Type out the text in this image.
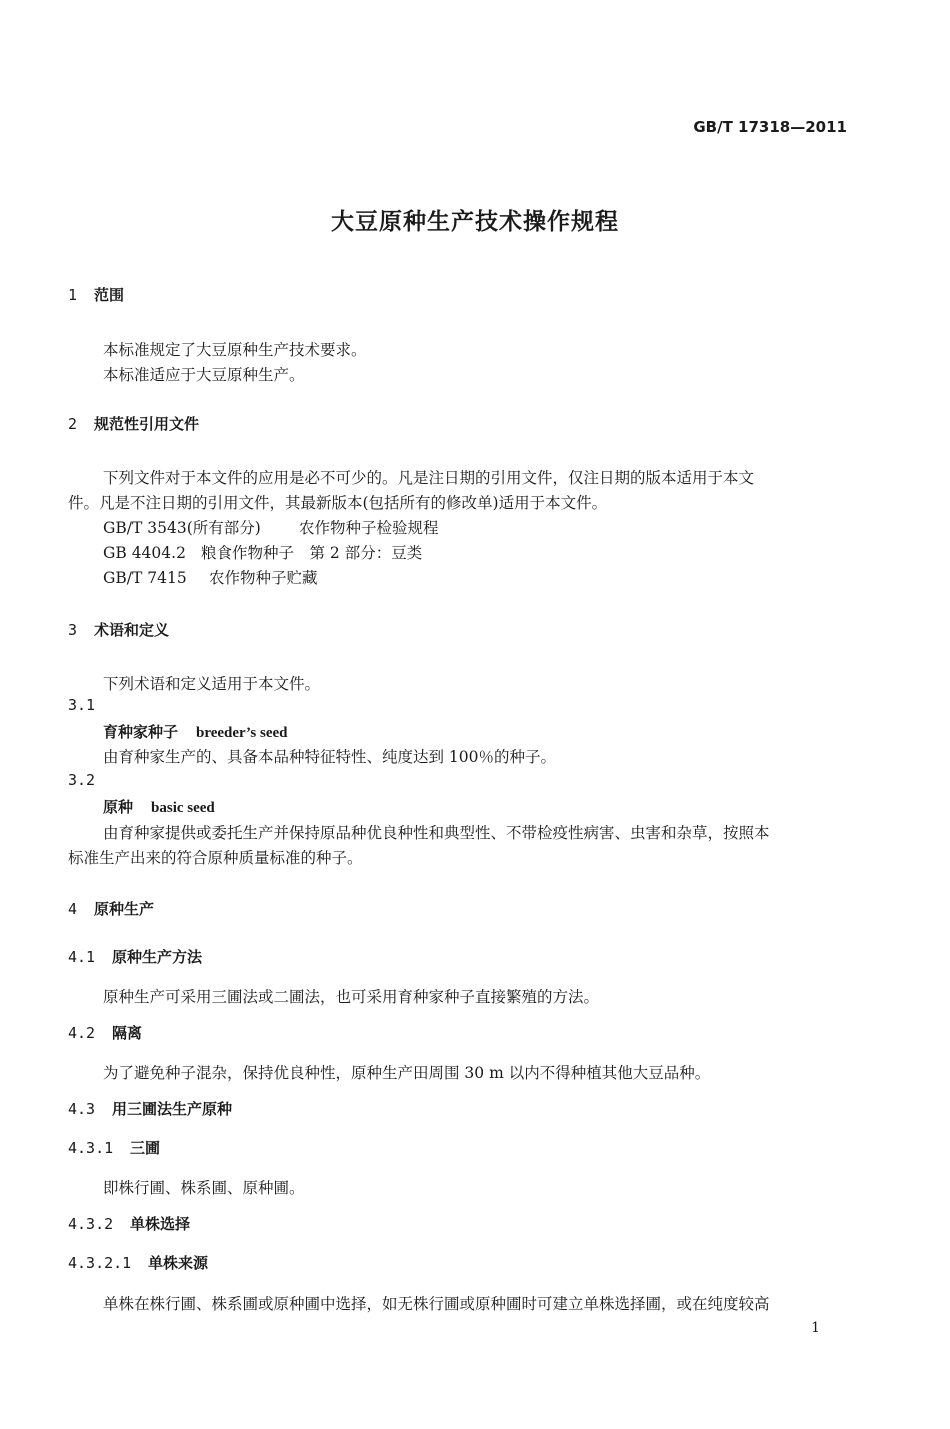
GB/T 17318—2011
大豆原种生产技术操作规程
1 范围
本标准规定了大豆原种生产技术要求。
本标准适应于大豆原种生产。
2 规范性引用文件
下列文件对于本文件的应用是必不可少的。凡是注日期的引用文件，仅注日期的版本适用于本文
件。凡是不注日期的引用文件，其最新版本(包括所有的修改单)适用于本文件。
GB/T 3543(所有部分) 农作物种子检验规程
GB 4404.2 粮食作物种子　第 2 部分：豆类
GB/T 7415 农作物种子贮藏
3 术语和定义
下列术语和定义适用于本文件。
3.1
育种家种子 breeder’s seed
由育种家生产的、具备本品种特征特性、纯度达到 100％的种子。
3.2
原种 basic seed
由育种家提供或委托生产并保持原品种优良种性和典型性、不带检疫性病害、虫害和杂草，按照本
标准生产出来的符合原种质量标准的种子。
4 原种生产
4.1 原种生产方法
原种生产可采用三圃法或二圃法，也可采用育种家种子直接繁殖的方法。
4.2 隔离
为了避免种子混杂，保持优良种性，原种生产田周围 30 m 以内不得种植其他大豆品种。
4.3 用三圃法生产原种
4.3.1 三圃
即株行圃、株系圃、原种圃。
4.3.2 单株选择
4.3.2.1 单株来源
单株在株行圃、株系圃或原种圃中选择，如无株行圃或原种圃时可建立单株选择圃，或在纯度较高
1
